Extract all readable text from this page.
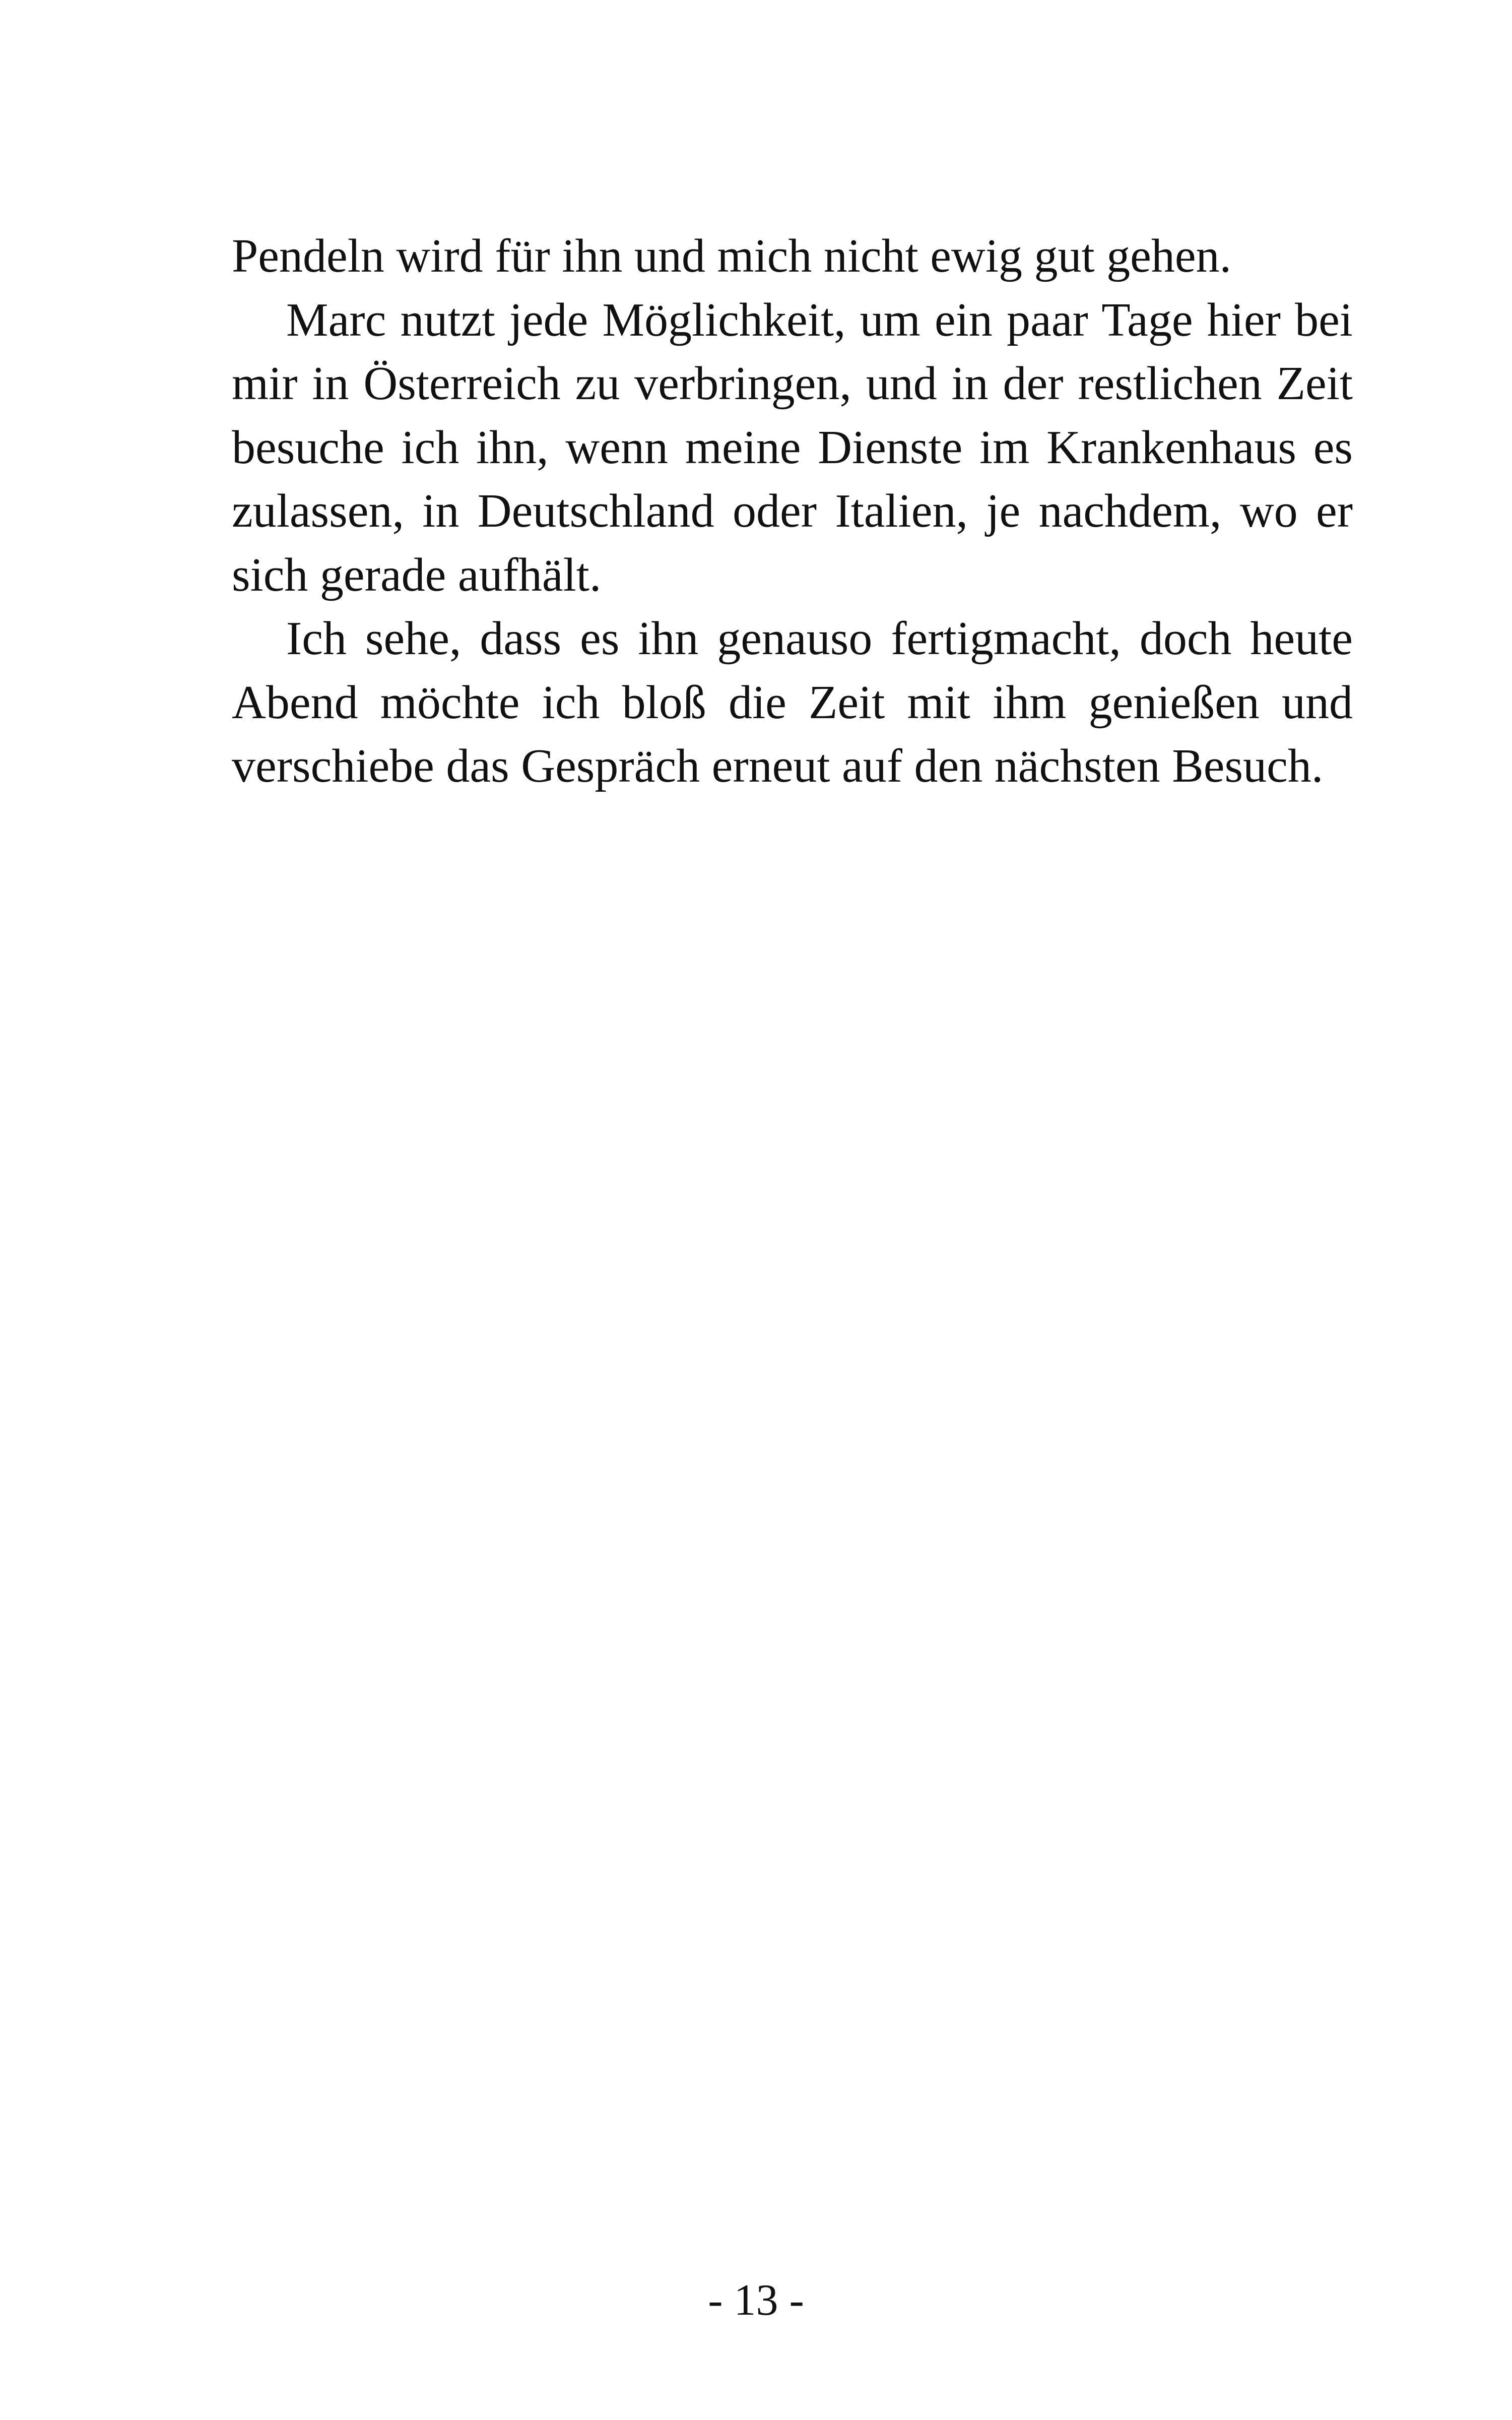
Pendeln wird für ihn und mich nicht ewig gut gehen.

Marc nutzt jede Möglichkeit, um ein paar Tage hier bei mir in Österreich zu verbringen, und in der restlichen Zeit besuche ich ihn, wenn meine Dienste im Krankenhaus es zulassen, in Deutschland oder Italien, je nachdem, wo er sich gerade aufhält.

Ich sehe, dass es ihn genauso fertigmacht, doch heute Abend möchte ich bloß die Zeit mit ihm genießen und verschiebe das Gespräch erneut auf den nächsten Besuch.

- 13 -
